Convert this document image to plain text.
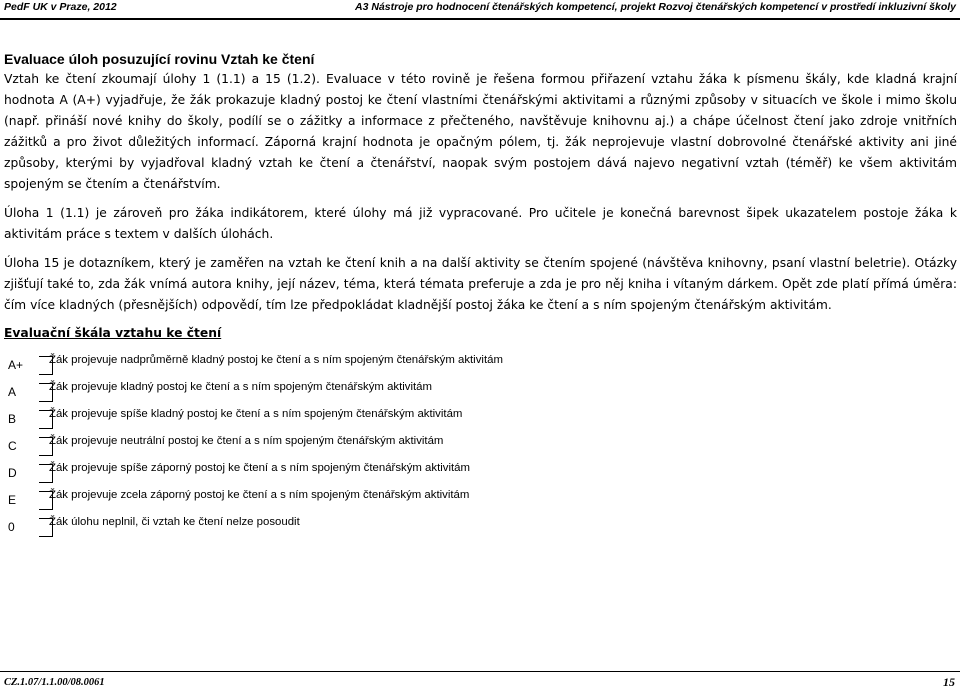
PedF UK v Praze, 2012	A3 Nástroje pro hodnocení čtenářských kompetencí, projekt Rozvoj čtenářských kompetencí v prostředí inkluzivní školy
Evaluace úloh posuzující rovinu Vztah ke čtení

Vztah ke čtení zkoumají úlohy 1 (1.1) a 15 (1.2). Evaluace v této rovině je řešena formou přiřazení vztahu žáka k písmenu škály, kde kladná krajní hodnota A (A+) vyjadřuje, že žák prokazuje kladný postoj ke čtení vlastními čtenářskými aktivitami a různými způsoby v situacích ve škole i mimo školu (např. přináší nové knihy do školy, podílí se o zážitky a informace z přečteného, navštěvuje knihovnu aj.) a chápe účelnost čtení jako zdroje vnitřních zážitků a pro život důležitých informací. Záporná krajní hodnota je opačným pólem, tj. žák neprojevuje vlastní dobrovolné čtenářské aktivity ani jiné způsoby, kterými by vyjadřoval kladný vztah ke čtení a čtenářství, naopak svým postojem dává najevo negativní vztah (téměř) ke všem aktivitám spojeným se čtením a čtenářstvím.

Úloha 1 (1.1) je zároveň pro žáka indikátorem, které úlohy má již vypracované. Pro učitele je konečná barevnost šipek ukazatelem postoje žáka k aktivitám práce s textem v dalších úlohách.

Úloha 15 je dotazníkem, který je zaměřen na vztah ke čtení knih a na další aktivity se čtením spojené (návštěva knihovny, psaní vlastní beletrie). Otázky zjišťují také to, zda žák vnímá autora knihy, její název, téma, která témata preferuje a zda je pro něj kniha i vítaným dárkem. Opět zde platí přímá úměra: čím více kladných (přesnějších) odpovědí, tím lze předpokládat kladnější postoj žáka ke čtení a s ním spojeným čtenářským aktivitám.

Evaluační škála vztahu ke čtení
A+ Žák projevuje nadprůměrně kladný postoj ke čtení a s ním spojeným čtenářským aktivitám
A	Žák projevuje kladný postoj ke čtení a s ním spojeným čtenářským aktivitám
B	Žák projevuje spíše kladný postoj ke čtení a s ním spojeným čtenářským aktivitám
C	Žák projevuje neutrální postoj ke čtení a s ním spojeným čtenářským aktivitám
D	Žák projevuje spíše záporný postoj ke čtení a s ním spojeným čtenářským aktivitám
E	Žák projevuje zcela záporný postoj ke čtení a s ním spojeným čtenářským aktivitám
0	Žák úlohu neplnil, či vztah ke čtení nelze posoudit
CZ.1.07/1.1.00/08.0061	15
